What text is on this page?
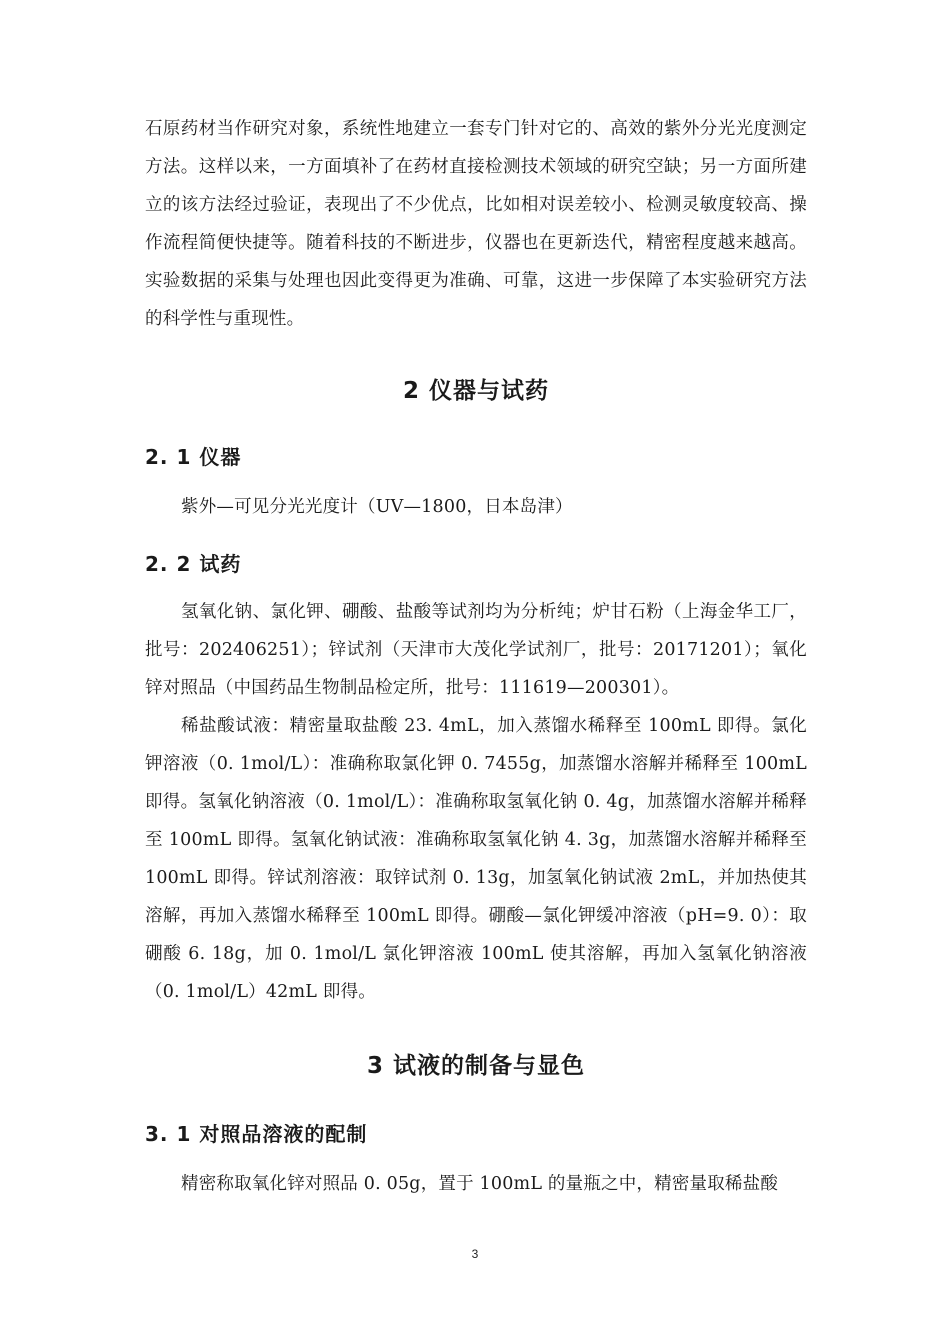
石原药材当作研究对象，系统性地建立一套专门针对它的、高效的紫外分光光度测定方法。这样以来，一方面填补了在药材直接检测技术领域的研究空缺；另一方面所建立的该方法经过验证，表现出了不少优点，比如相对误差较小、检测灵敏度较高、操作流程简便快捷等。随着科技的不断进步，仪器也在更新迭代，精密程度越来越高。实验数据的采集与处理也因此变得更为准确、可靠，这进一步保障了本实验研究方法的科学性与重现性。

2 仪器与试药
2. 1 仪器

紫外—可见分光光度计（UV—1800，日本岛津）

2. 2 试药

氢氧化钠、氯化钾、硼酸、盐酸等试剂均为分析纯；炉甘石粉（上海金华工厂，批号：202406251）；锌试剂（天津市大茂化学试剂厂，批号：20171201）；氧化锌对照品（中国药品生物制品检定所，批号：111619—200301）。

稀盐酸试液：精密量取盐酸 23. 4mL，加入蒸馏水稀释至 100mL 即得。氯化钾溶液（0. 1mol/L）：准确称取氯化钾 0. 7455g，加蒸馏水溶解并稀释至 100mL 即得。氢氧化钠溶液（0. 1mol/L）：准确称取氢氧化钠 0. 4g，加蒸馏水溶解并稀释至 100mL 即得。氢氧化钠试液：准确称取氢氧化钠 4. 3g，加蒸馏水溶解并稀释至 100mL 即得。锌试剂溶液：取锌试剂 0. 13g，加氢氧化钠试液 2mL，并加热使其溶解，再加入蒸馏水稀释至 100mL 即得。硼酸—氯化钾缓冲溶液（pH=9. 0）：取硼酸 6. 18g，加 0. 1mol/L 氯化钾溶液 100mL 使其溶解，再加入氢氧化钠溶液（0. 1mol/L）42mL 即得。

3 试液的制备与显色
3. 1 对照品溶液的配制

精密称取氧化锌对照品 0. 05g，置于 100mL 的量瓶之中，精密量取稀盐酸

3
